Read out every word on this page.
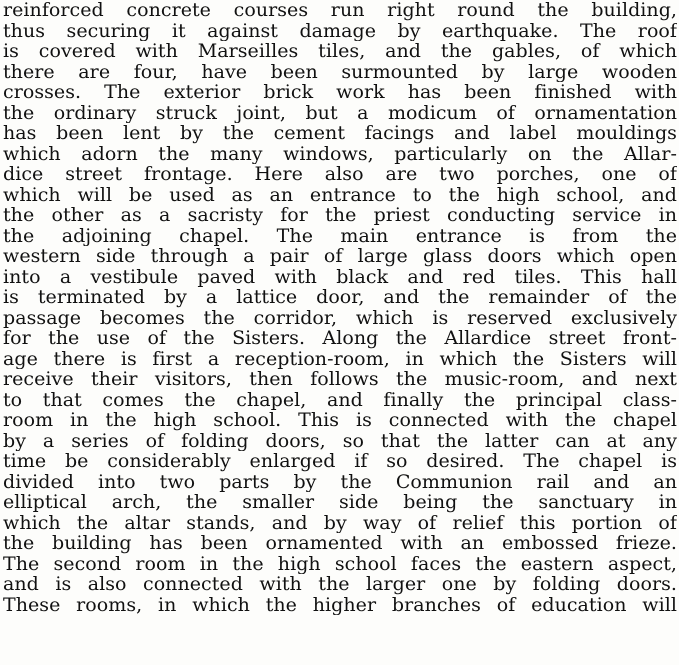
reinforced concrete courses run right round the building,
thus securing it against damage by earthquake. The roof
is covered with Marseilles tiles, and the gables, of which
there are four, have been surmounted by large wooden
crosses. The exterior brick work has been finished with
the ordinary struck joint, but a modicum of ornamentation
has been lent by the cement facings and label mouldings
which adorn the many windows, particularly on the Allar-
dice street frontage. Here also are two porches, one of
which will be used as an entrance to the high school, and
the other as a sacristy for the priest conducting service in
the adjoining chapel. The main entrance is from the
western side through a pair of large glass doors which open
into a vestibule paved with black and red tiles. This hall
is terminated by a lattice door, and the remainder of the
passage becomes the corridor, which is reserved exclusively
for the use of the Sisters. Along the Allardice street front-
age there is first a reception-room, in which the Sisters will
receive their visitors, then follows the music-room, and next
to that comes the chapel, and finally the principal class-
room in the high school. This is connected with the chapel
by a series of folding doors, so that the latter can at any
time be considerably enlarged if so desired. The chapel is
divided into two parts by the Communion rail and an
elliptical arch, the smaller side being the sanctuary in
which the altar stands, and by way of relief this portion of
the building has been ornamented with an embossed frieze.
The second room in the high school faces the eastern aspect,
and is also connected with the larger one by folding doors.
These rooms, in which the higher branches of education will
